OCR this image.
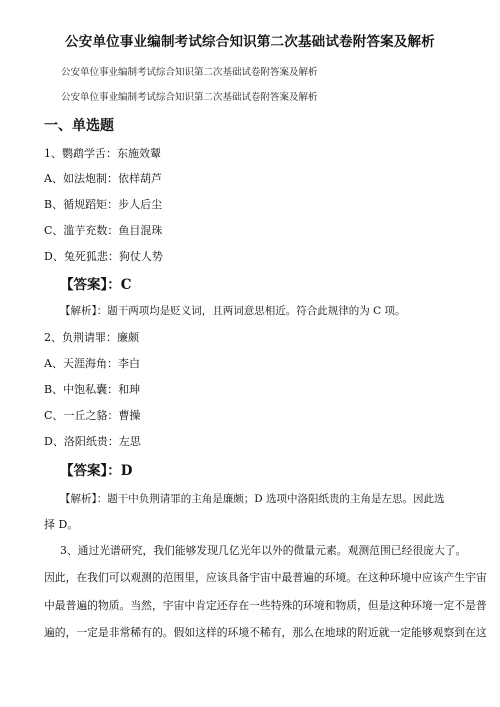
公安单位事业编制考试综合知识第二次基础试卷附答案及解析
公安单位事业编制考试综合知识第二次基础试卷附答案及解析
公安单位事业编制考试综合知识第二次基础试卷附答案及解析
一、单选题
1、鹦鹉学舌：东施效颦
A、如法炮制：依样葫芦
B、循规蹈矩：步人后尘
C、滥芋充数：鱼目混珠
D、兔死狐悲：狗仗人势
【答案】：C
【解析】：题干两项均是贬义词，且两词意思相近。符合此规律的为 C 项。
2、负荆请罪：廉颇
A、天涯海角：李白
B、中饱私囊：和珅
C、一丘之貉：曹操
D、洛阳纸贵：左思
【答案】：D
【解析】：题干中负荆请罪的主角是廉颇；D 选项中洛阳纸贵的主角是左思。因此选
择 D。
3、通过光谱研究，我们能够发现几亿光年以外的微量元素。观测范围已经很庞大了。
因此，在我们可以观测的范围里，应该具备宇宙中最普遍的环境。在这种环境中应该产生宇宙
中最普遍的物质。当然，宇宙中肯定还存在一些特殊的环境和物质，但是这种环境一定不是普
遍的，一定是非常稀有的。假如这样的环境不稀有，那么在地球的附近就一定能够观察到在这
